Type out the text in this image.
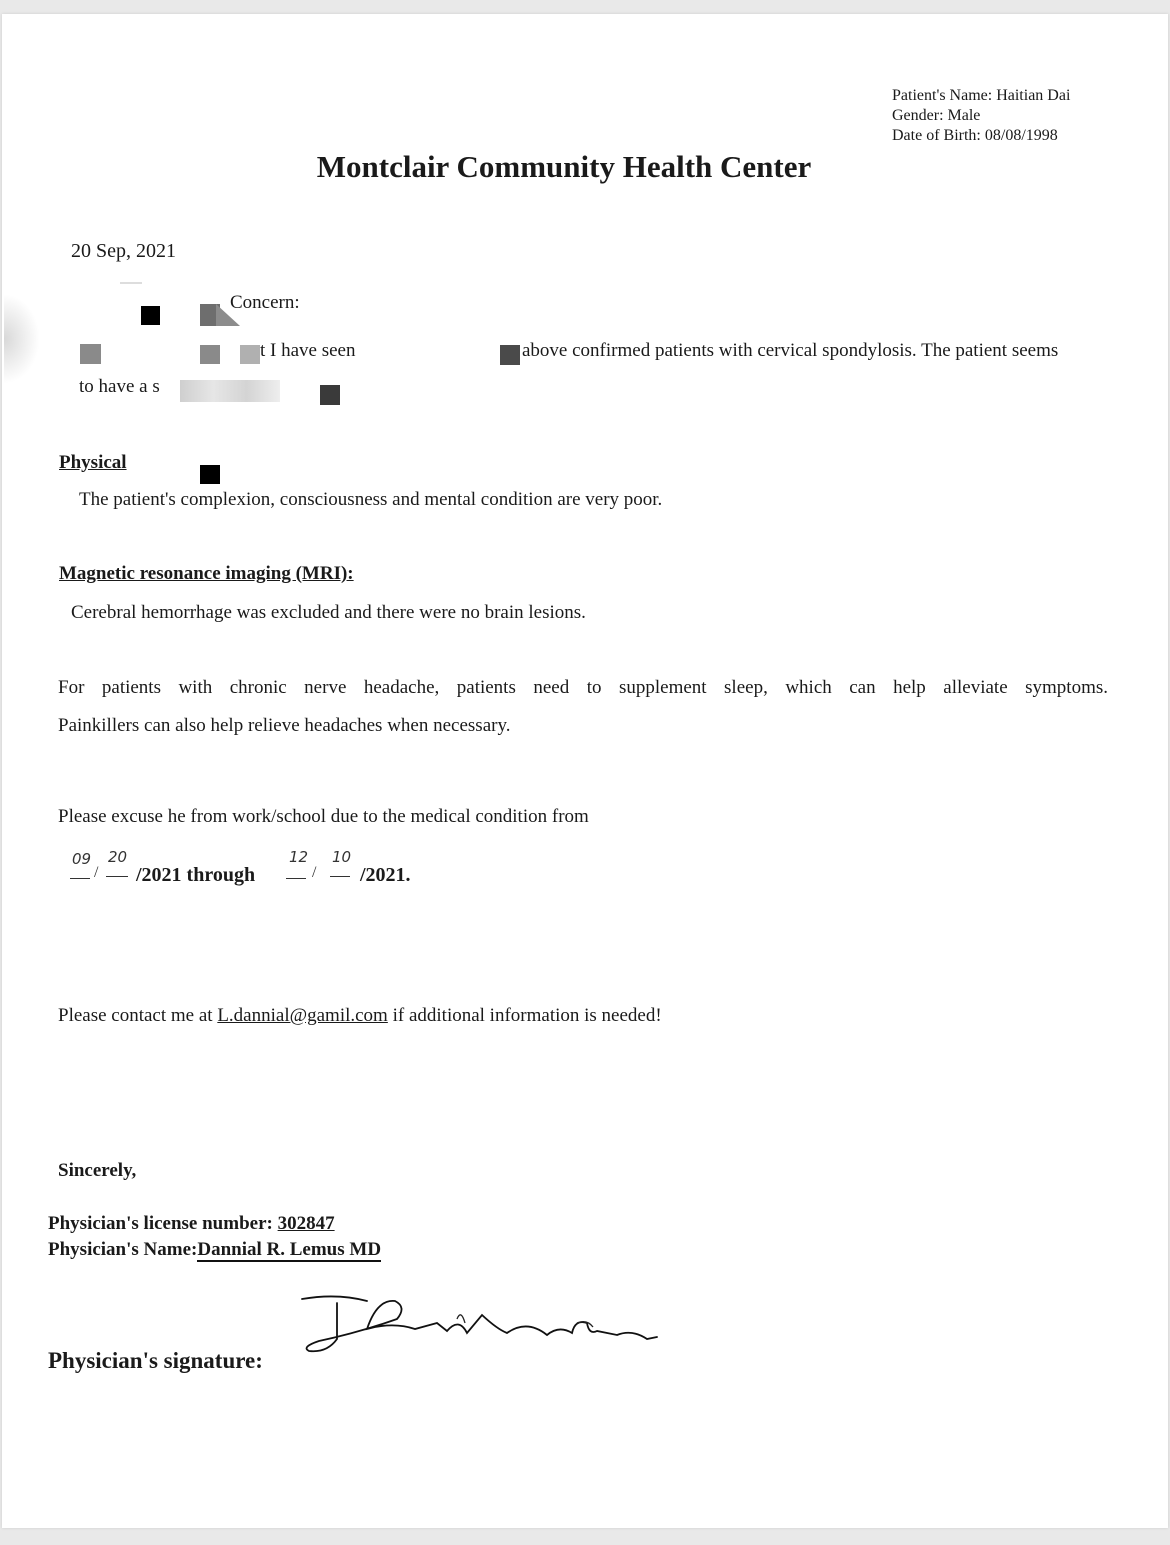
Patient's Name: Haitian Dai
Gender: Male
Date of Birth: 08/08/1998
Montclair Community Health Center
20 Sep, 2021
Concern:
t I have seen	above confirmed patients with cervical spondylosis. The patient seems
to have a s
Physical
The patient's complexion, consciousness and mental condition are very poor.
Magnetic resonance imaging (MRI):
Cerebral hemorrhage was excluded and there were no brain lesions.
For patients with chronic nerve headache, patients need to supplement sleep, which can help alleviate symptoms.
Painkillers can also help relieve headaches when necessary.
Please excuse he from work/school due to the medical condition from
09
/
20
/2021 through
12
/
10
/2021.
Please contact me at L.dannial@gamil.com if additional information is needed!
Sincerely,
Physician's license number: 302847
Physician's Name:Dannial R. Lemus MD
Physician's signature:
